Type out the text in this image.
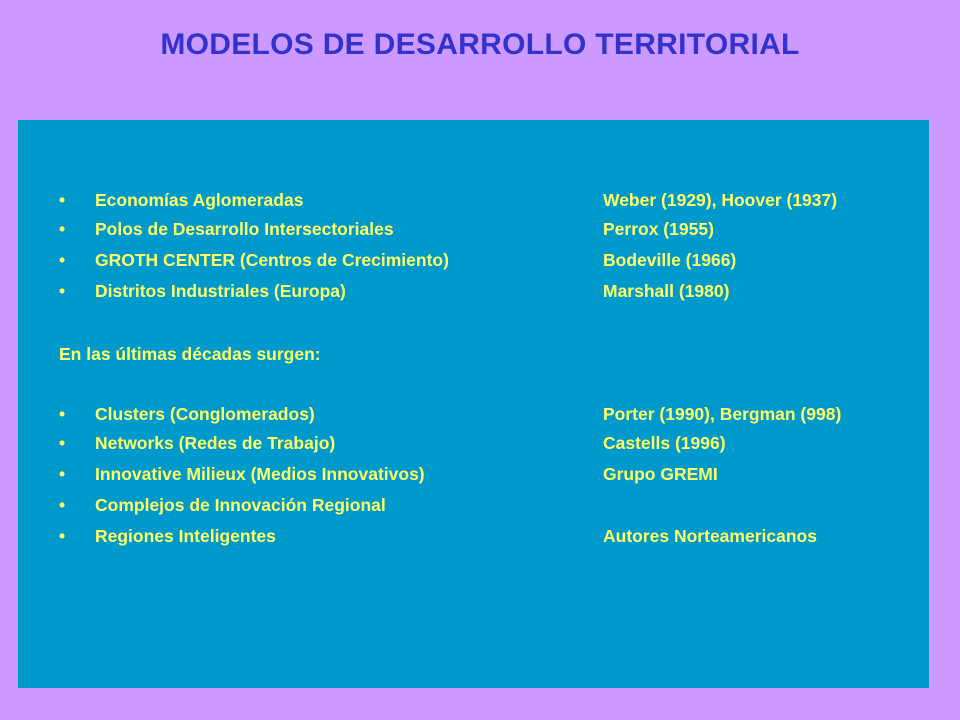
MODELOS DE DESARROLLO TERRITORIAL
• Economías Aglomeradas	Weber (1929), Hoover (1937)
• Polos de Desarrollo Intersectoriales	Perrox (1955)
• GROTH CENTER (Centros de Crecimiento)	Bodeville (1966)
• Distritos Industriales (Europa)	Marshall (1980)
En las últimas décadas surgen:
• Clusters (Conglomerados)	Porter (1990), Bergman (998)
• Networks (Redes de Trabajo)	Castells (1996)
• Innovative Milieux (Medios Innovativos)	Grupo GREMI
• Complejos de Innovación Regional
• Regiones Inteligentes	Autores Norteamericanos
